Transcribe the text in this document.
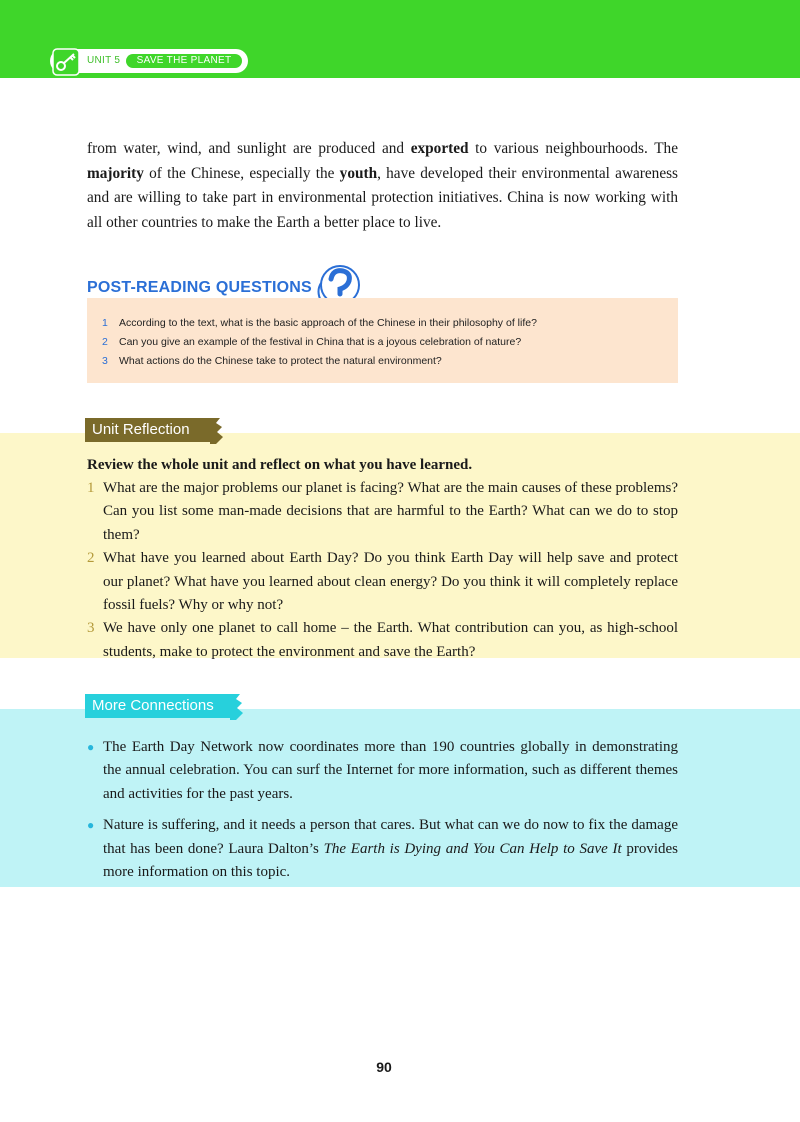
UNIT 5	SAVE THE PLANET

from water, wind, and sunlight are produced and exported to various neighbourhoods. The majority of the Chinese, especially the youth, have developed their environmental awareness and are willing to take part in environmental protection initiatives. China is now working with all other countries to make the Earth a better place to live.

POST-READING QUESTIONS
1	According to the text, what is the basic approach of the Chinese in their philosophy of life?
2	Can you give an example of the festival in China that is a joyous celebration of nature?
3	What actions do the Chinese take to protect the natural environment?
Unit Reflection
Review the whole unit and reflect on what you have learned.
1 What are the major problems our planet is facing? What are the main causes of these problems? Can you list some man-made decisions that are harmful to the Earth? What can we do to stop them?
2 What have you learned about Earth Day? Do you think Earth Day will help save and protect our planet? What have you learned about clean energy? Do you think it will completely replace fossil fuels? Why or why not?
3 We have only one planet to call home – the Earth. What contribution can you, as high-school students, make to protect the environment and save the Earth?
More Connections
● The Earth Day Network now coordinates more than 190 countries globally in demonstrating the annual celebration. You can surf the Internet for more information, such as different themes and activities for the past years.
● Nature is suffering, and it needs a person that cares. But what can we do now to fix the damage that has been done? Laura Dalton’s The Earth is Dying and You Can Help to Save It provides more information on this topic.
90
